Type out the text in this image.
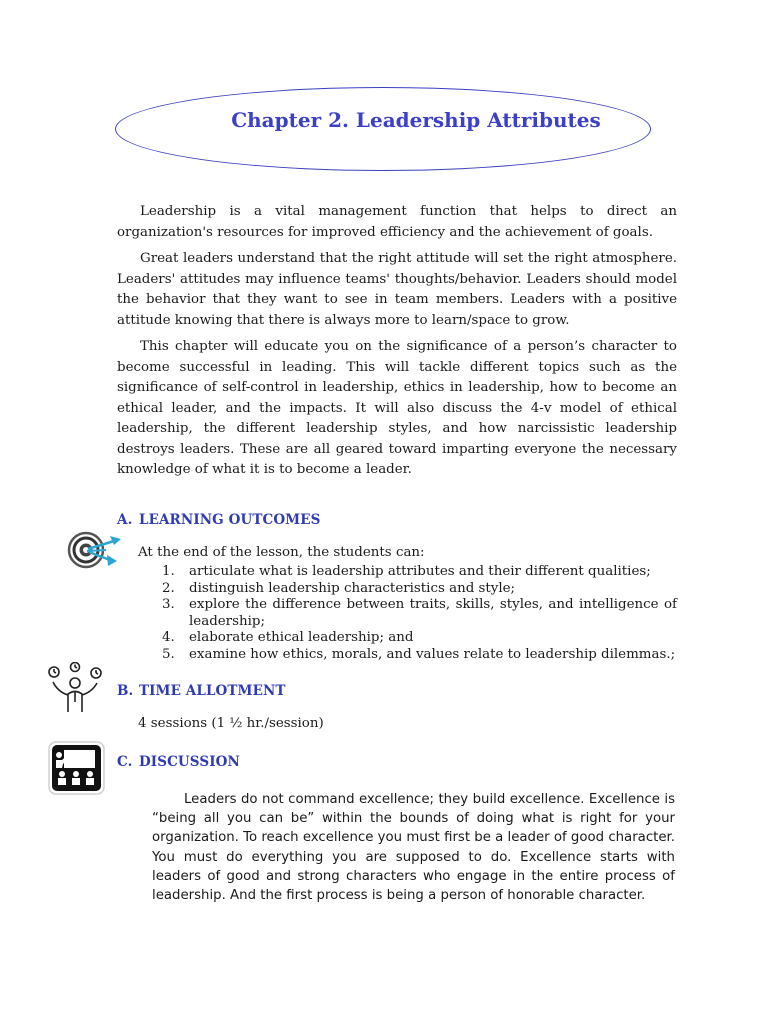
Chapter 2. Leadership Attributes

Leadership is a vital management function that helps to direct an organization's resources for improved efficiency and the achievement of goals.

Great leaders understand that the right attitude will set the right atmosphere. Leaders' attitudes may influence teams' thoughts/behavior. Leaders should model the behavior that they want to see in team members. Leaders with a positive attitude knowing that there is always more to learn/space to grow.

This chapter will educate you on the significance of a person’s character to become successful in leading. This will tackle different topics such as the significance of self-control in leadership, ethics in leadership, how to become an ethical leader, and the impacts. It will also discuss the 4-v model of ethical leadership, the different leadership styles, and how narcissistic leadership destroys leaders. These are all geared toward imparting everyone the necessary knowledge of what it is to become a leader.

A. LEARNING OUTCOMES
At the end of the lesson, the students can:
1. articulate what is leadership attributes and their different qualities;
2. distinguish leadership characteristics and style;
3. explore the difference between traits, skills, styles, and intelligence of leadership;
4. elaborate ethical leadership; and
5. examine how ethics, morals, and values relate to leadership dilemmas.;
B. TIME ALLOTMENT
4 sessions (1 ½ hr./session)
C. DISCUSSION

Leaders do not command excellence; they build excellence. Excellence is “being all you can be” within the bounds of doing what is right for your organization. To reach excellence you must first be a leader of good character. You must do everything you are supposed to do. Excellence starts with leaders of good and strong characters who engage in the entire process of leadership. And the first process is being a person of honorable character.
